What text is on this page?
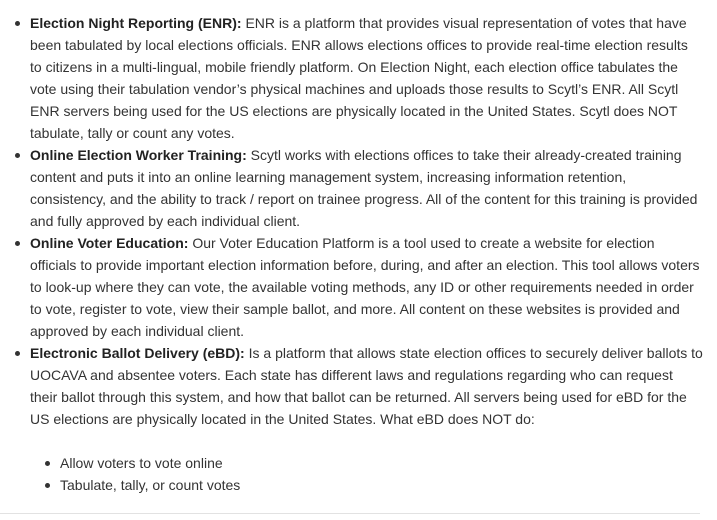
Election Night Reporting (ENR): ENR is a platform that provides visual representation of votes that have been tabulated by local elections officials. ENR allows elections offices to provide real-time election results to citizens in a multi-lingual, mobile friendly platform. On Election Night, each election office tabulates the vote using their tabulation vendor’s physical machines and uploads those results to Scytl’s ENR. All Scytl ENR servers being used for the US elections are physically located in the United States. Scytl does NOT tabulate, tally or count any votes.
Online Election Worker Training: Scytl works with elections offices to take their already-created training content and puts it into an online learning management system, increasing information retention, consistency, and the ability to track / report on trainee progress. All of the content for this training is provided and fully approved by each individual client.
Online Voter Education: Our Voter Education Platform is a tool used to create a website for election officials to provide important election information before, during, and after an election. This tool allows voters to look-up where they can vote, the available voting methods, any ID or other requirements needed in order to vote, register to vote, view their sample ballot, and more. All content on these websites is provided and approved by each individual client.
Electronic Ballot Delivery (eBD): Is a platform that allows state election offices to securely deliver ballots to UOCAVA and absentee voters. Each state has different laws and regulations regarding who can request their ballot through this system, and how that ballot can be returned. All servers being used for eBD for the US elections are physically located in the United States. What eBD does NOT do:
Allow voters to vote online
Tabulate, tally, or count votes
